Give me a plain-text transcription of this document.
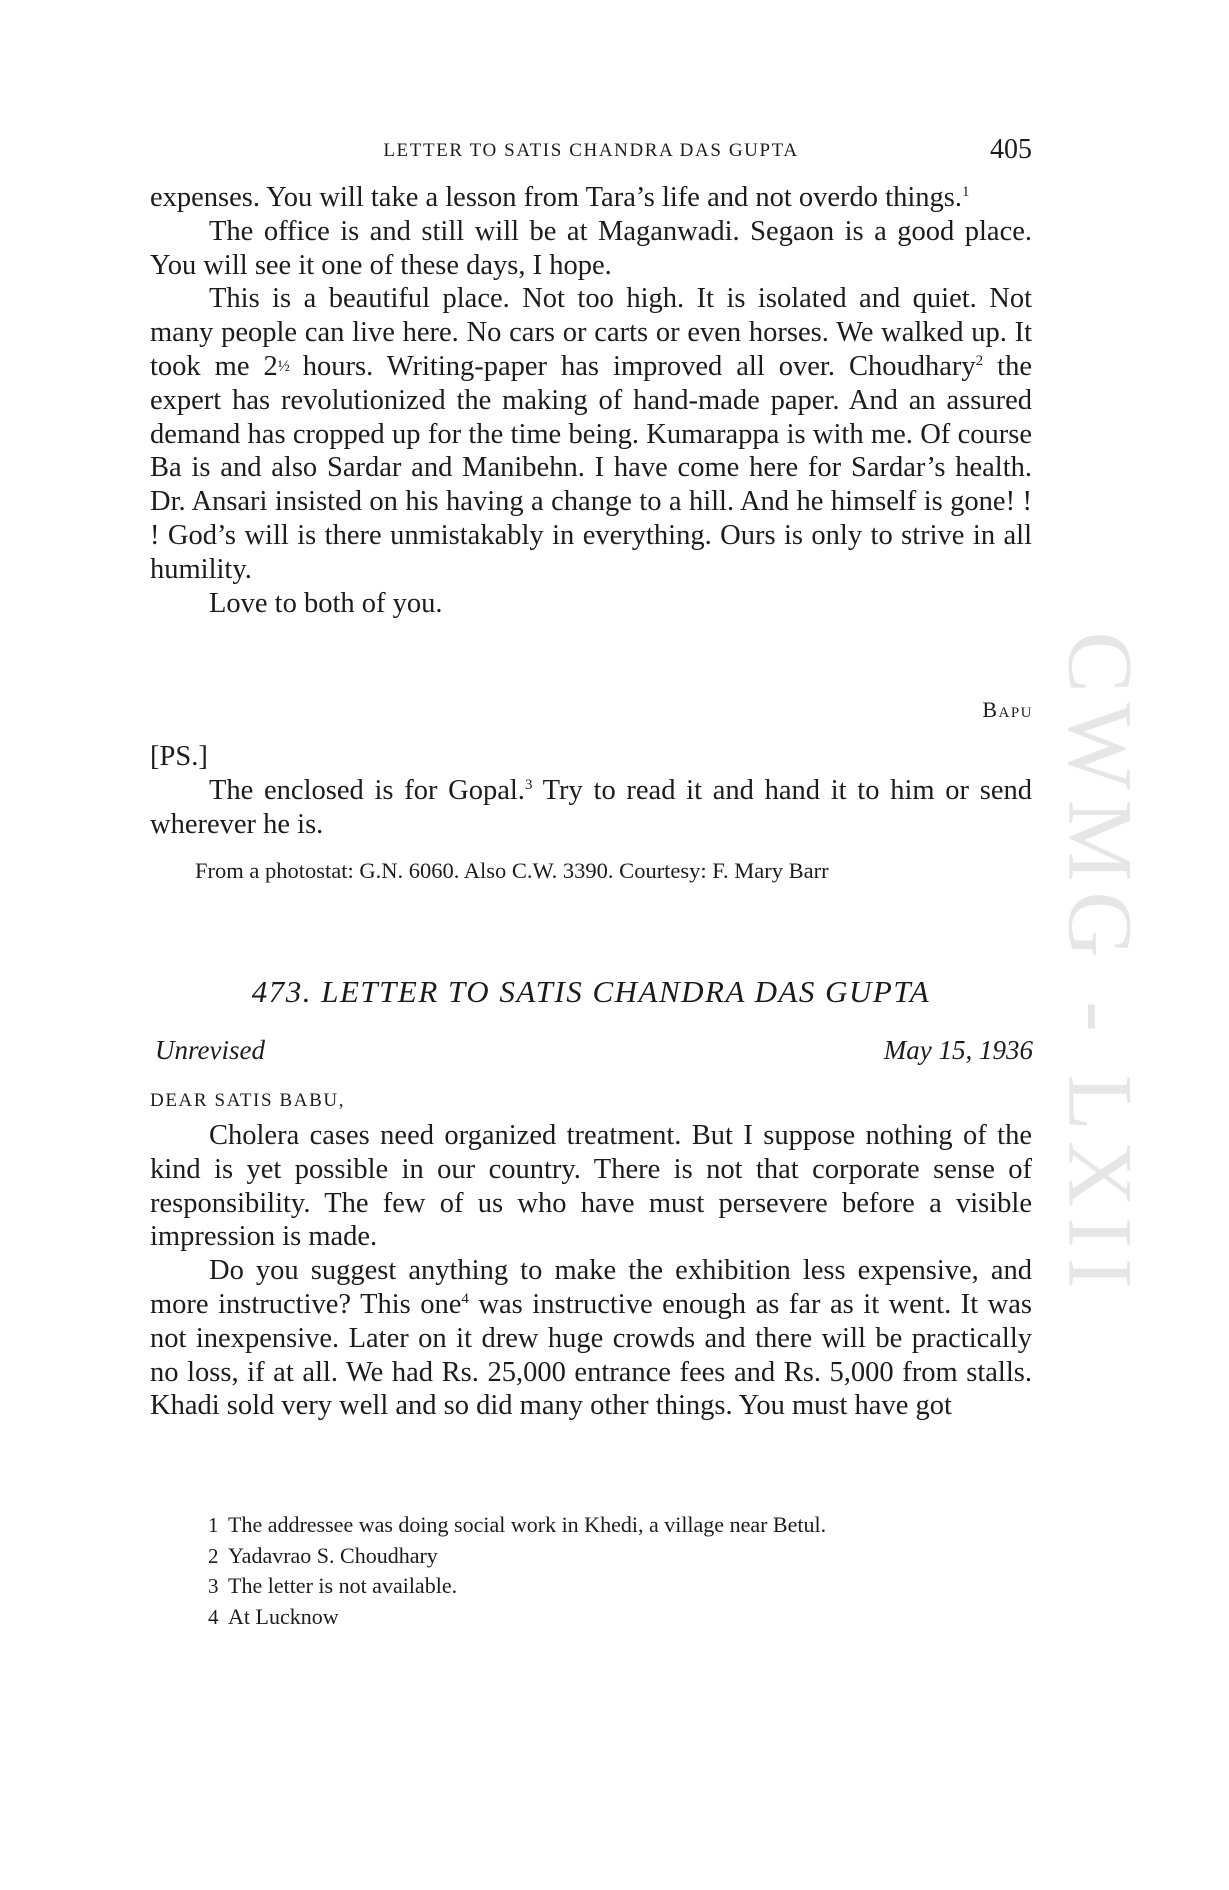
CWMG - LXII
LETTER TO SATIS CHANDRA DAS GUPTA	405

expenses. You will take a lesson from Tara’s life and not overdo things.$^1$

The office is and still will be at Maganwadi. Segaon is a good place. You will see it one of these days, I hope.

This is a beautiful place. Not too high. It is isolated and quiet. Not many people can live here. No cars or carts or even horses. We walked up. It took me 2½ hours. Writing-paper has improved all over. Choudhary$^2$ the expert has revolutionized the making of hand-made paper. And an assured demand has cropped up for the time being. Kumarappa is with me. Of course Ba is and also Sardar and Manibehn. I have come here for Sardar’s health. Dr. Ansari insisted on his having a change to a hill. And he himself is gone! ! ! God’s will is there unmistakably in everything. Ours is only to strive in all humility.

Love to both of you.

Bapu

[PS.]

The enclosed is for Gopal.$^3$ Try to read it and hand it to him or send wherever he is.

From a photostat: G.N. 6060. Also C.W. 3390. Courtesy: F. Mary Barr
473. LETTER TO SATIS CHANDRA DAS GUPTA
Unrevised	May 15, 1936
DEAR SATIS BABU,

Cholera cases need organized treatment. But I suppose nothing of the kind is yet possible in our country. There is not that corporate sense of responsibility. The few of us who have must persevere before a visible impression is made.

Do you suggest anything to make the exhibition less expensive, and more instructive? This one$^4$ was instructive enough as far as it went. It was not inexpensive. Later on it drew huge crowds and there will be practically no loss, if at all. We had Rs. 25,000 entrance fees and Rs. 5,000 from stalls. Khadi sold very well and so did many other things. You must have got

1 The addressee was doing social work in Khedi, a village near Betul.
2 Yadavrao S. Choudhary
3 The letter is not available.
4 At Lucknow
